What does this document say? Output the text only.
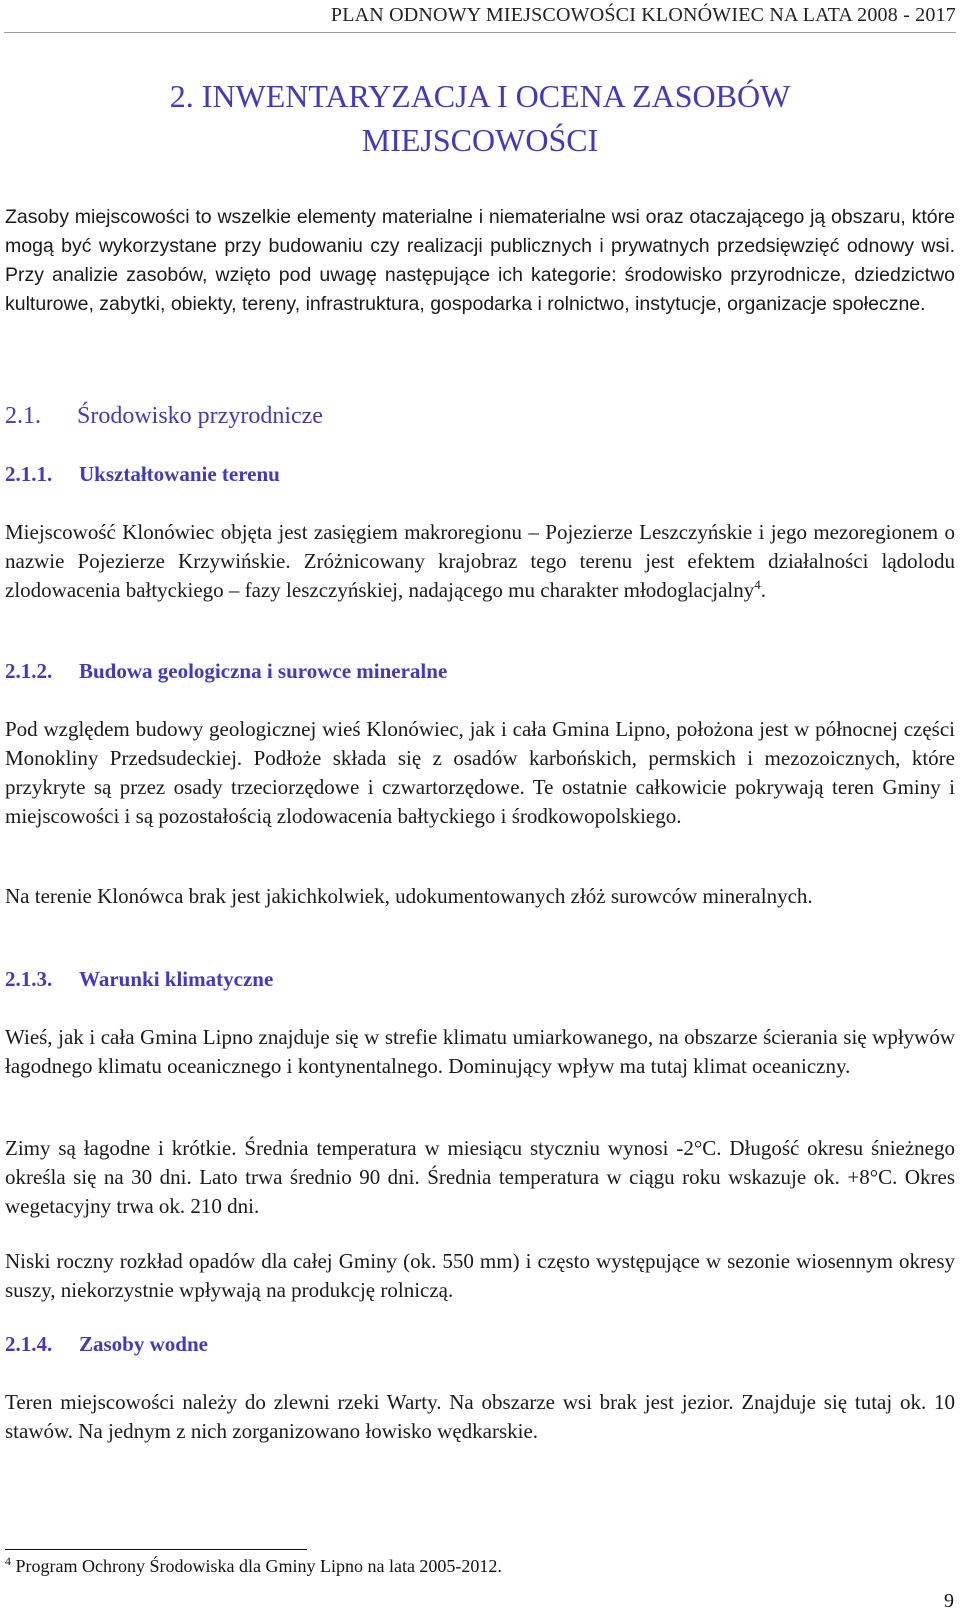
PLAN ODNOWY MIEJSCOWOŚCI KLONÓWIEC NA LATA 2008 - 2017
2. INWENTARYZACJA I OCENA ZASOBÓW
MIEJSCOWOŚCI
Zasoby miejscowości to wszelkie elementy materialne i niematerialne wsi oraz otaczającego ją obszaru, które mogą być wykorzystane przy budowaniu czy realizacji publicznych i prywatnych przedsięwzięć odnowy wsi. Przy analizie zasobów, wzięto pod uwagę następujące ich kategorie: środowisko przyrodnicze, dziedzictwo kulturowe, zabytki, obiekty, tereny, infrastruktura, gospodarka i rolnictwo, instytucje, organizacje społeczne.
2.1. Środowisko przyrodnicze
2.1.1. Ukształtowanie terenu
Miejscowość Klonówiec objęta jest zasięgiem makroregionu – Pojezierze Leszczyńskie i jego mezoregionem o nazwie Pojezierze Krzywińskie. Zróżnicowany krajobraz tego terenu jest efektem działalności lądolodu zlodowacenia bałtyckiego – fazy leszczyńskiej, nadającego mu charakter młodoglacjalny$^4$.
2.1.2. Budowa geologiczna i surowce mineralne
Pod względem budowy geologicznej wieś Klonówiec, jak i cała Gmina Lipno, położona jest w północnej części Monokliny Przedsudeckiej. Podłoże składa się z osadów karbońskich, permskich i mezozoicznych, które przykryte są przez osady trzeciorzędowe i czwartorzędowe. Te ostatnie całkowicie pokrywają teren Gminy i miejscowości i są pozostałością zlodowacenia bałtyckiego i środkowopolskiego.
Na terenie Klonówca brak jest jakichkolwiek, udokumentowanych złóż surowców mineralnych.
2.1.3. Warunki klimatyczne
Wieś, jak i cała Gmina Lipno znajduje się w strefie klimatu umiarkowanego, na obszarze ścierania się wpływów łagodnego klimatu oceanicznego i kontynentalnego. Dominujący wpływ ma tutaj klimat oceaniczny.
Zimy są łagodne i krótkie. Średnia temperatura w miesiącu styczniu wynosi -2°C. Długość okresu śnieżnego określa się na 30 dni. Lato trwa średnio 90 dni. Średnia temperatura w ciągu roku wskazuje ok. +8°C. Okres wegetacyjny trwa ok. 210 dni.
Niski roczny rozkład opadów dla całej Gminy (ok. 550 mm) i często występujące w sezonie wiosennym okresy suszy, niekorzystnie wpływają na produkcję rolniczą.
2.1.4. Zasoby wodne
Teren miejscowości należy do zlewni rzeki Warty. Na obszarze wsi brak jest jezior. Znajduje się tutaj ok. 10 stawów. Na jednym z nich zorganizowano łowisko wędkarskie.
$^4$ Program Ochrony Środowiska dla Gminy Lipno na lata 2005-2012.
9
